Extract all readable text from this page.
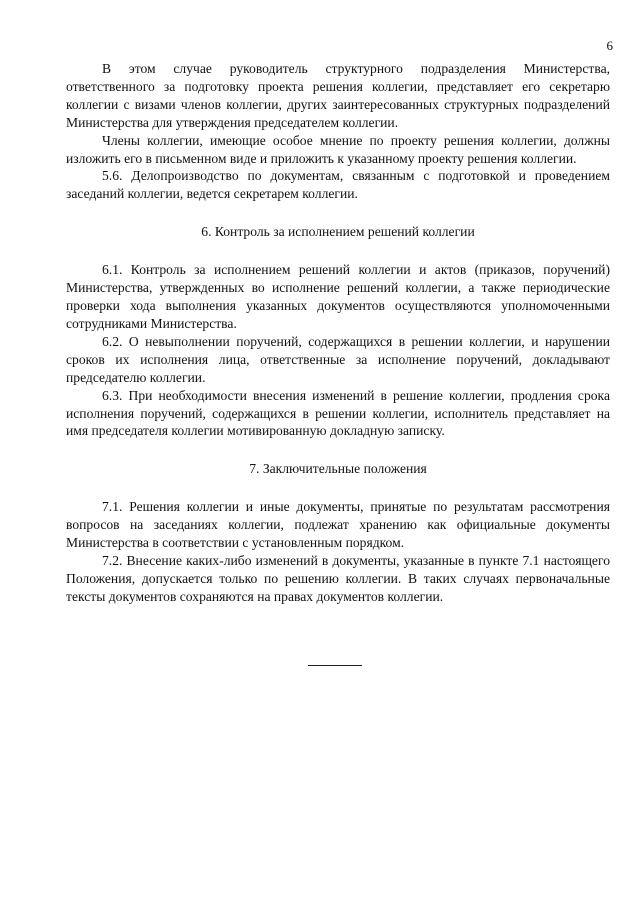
6

В этом случае руководитель структурного подразделения Министерства, ответственного за подготовку проекта решения коллегии, представляет его секретарю коллегии с визами членов коллегии, других заинтересованных структурных подразделений Министерства для утверждения председателем коллегии.

Члены коллегии, имеющие особое мнение по проекту решения коллегии, должны изложить его в письменном виде и приложить к указанному проекту решения коллегии.

5.6. Делопроизводство по документам, связанным с подготовкой и проведением заседаний коллегии, ведется секретарем коллегии.

6. Контроль за исполнением решений коллегии

6.1. Контроль за исполнением решений коллегии и актов (приказов, поручений) Министерства, утвержденных во исполнение решений коллегии, а также периодические проверки хода выполнения указанных документов осуществляются уполномоченными сотрудниками Министерства.

6.2. О невыполнении поручений, содержащихся в решении коллегии, и нарушении сроков их исполнения лица, ответственные за исполнение поручений, докладывают председателю коллегии.

6.3. При необходимости внесения изменений в решение коллегии, продления срока исполнения поручений, содержащихся в решении коллегии, исполнитель представляет на имя председателя коллегии мотивированную докладную записку.

7. Заключительные положения

7.1. Решения коллегии и иные документы, принятые по результатам рассмотрения вопросов на заседаниях коллегии, подлежат хранению как официальные документы Министерства в соответствии с установленным порядком.

7.2. Внесение каких-либо изменений в документы, указанные в пункте 7.1 настоящего Положения, допускается только по решению коллегии. В таких случаях первоначальные тексты документов сохраняются на правах документов коллегии.
